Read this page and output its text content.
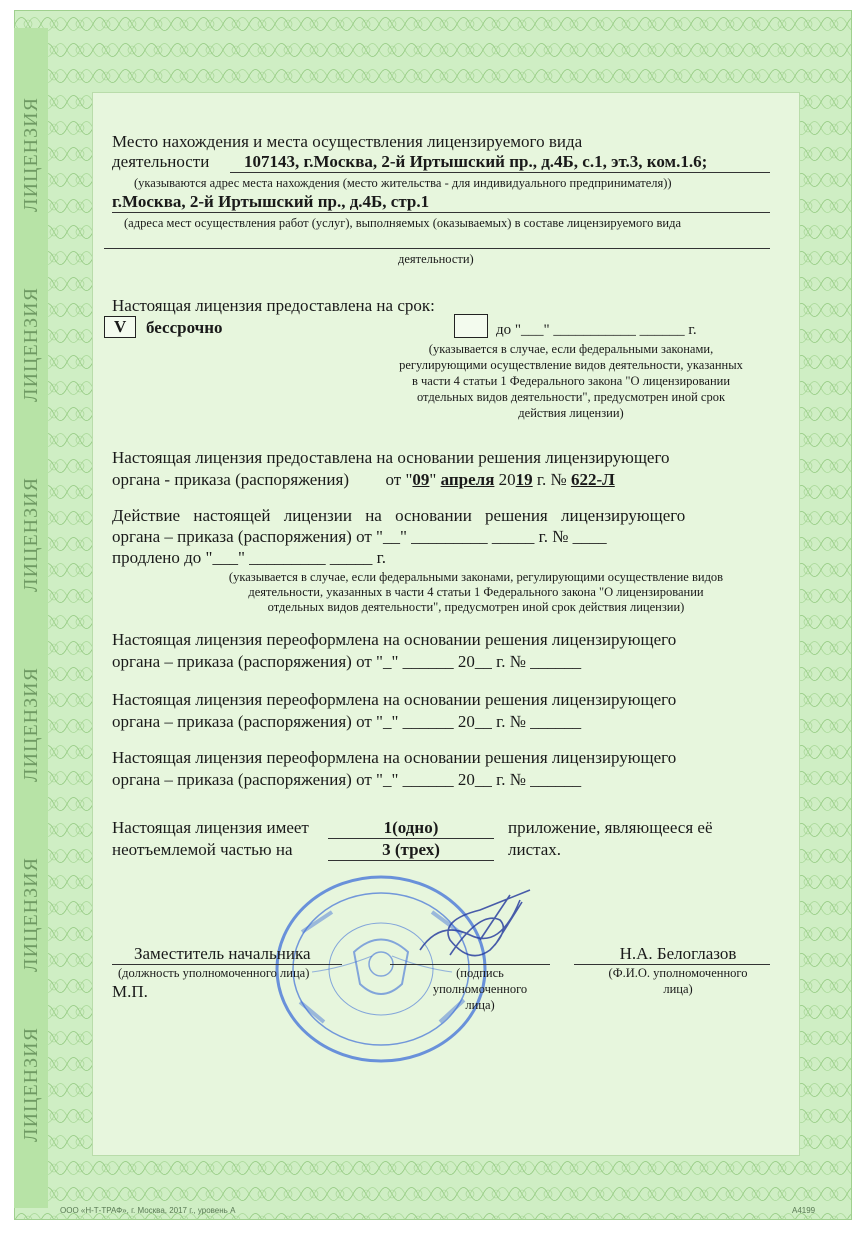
ЛИЦЕНЗИЯ
ЛИЦЕНЗИЯ
ЛИЦЕНЗИЯ
ЛИЦЕНЗИЯ
ЛИЦЕНЗИЯ
ЛИЦЕНЗИЯ
Место нахождения и места осуществления лицензируемого вида
деятельности 107143, г.Москва, 2-й Иртышский пр., д.4Б, с.1, эт.3, ком.1.6;
(указываются адрес места нахождения (место жительства - для индивидуального предпринимателя))
г.Москва, 2-й Иртышский пр., д.4Б, стр.1
(адреса мест осуществления работ (услуг), выполняемых (оказываемых) в составе лицензируемого вида
деятельности)
Настоящая лицензия предоставлена на срок:
V бессрочно	до "___" ___________ ______ г.
(указывается в случае, если федеральными законами,
регулирующими осуществление видов деятельности, указанных
в части 4 статьи 1 Федерального закона "О лицензировании
отдельных видов деятельности", предусмотрен иной срок
действия лицензии)
Настоящая лицензия предоставлена на основании решения лицензирующего
органа - приказа (распоряжения) от "09" апреля 2019 г. № 622-Л
Действие настоящей лицензии на основании решения лицензирующего
органа – приказа (распоряжения) от "__" _________ _____ г. № ____
продлено до "___" _________ _____ г.
(указывается в случае, если федеральными законами, регулирующими осуществление видов
деятельности, указанных в части 4 статьи 1 Федерального закона "О лицензировании
отдельных видов деятельности", предусмотрен иной срок действия лицензии)
Настоящая лицензия переоформлена на основании решения лицензирующего
органа – приказа (распоряжения) от "_" ______ 20__ г. № ______
Настоящая лицензия переоформлена на основании решения лицензирующего
органа – приказа (распоряжения) от "_" ______ 20__ г. № ______
Настоящая лицензия переоформлена на основании решения лицензирующего
органа – приказа (распоряжения) от "_" ______ 20__ г. № ______
Настоящая лицензия имеет	1(одно)	приложение, являющееся её
неотъемлемой частью на	3 (трех)	листах.
Заместитель начальника
(должность уполномоченного лица)
М.П.
(подпись
уполномоченного
лица)
Н.А. Белоглазов
(Ф.И.О. уполномоченного
лица)
ООО «Н-Т-ТРАФ», г. Москва, 2017 г., уровень А	А4199
